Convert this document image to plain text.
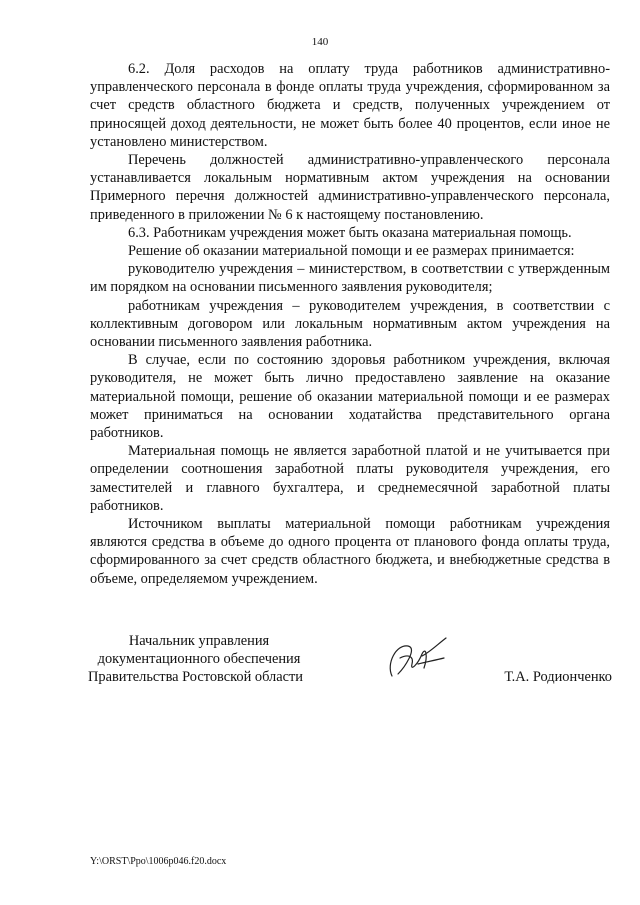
140

6.2. Доля расходов на оплату труда работников административно-управленческого персонала в фонде оплаты труда учреждения, сформированном за счет средств областного бюджета и средств, полученных учреждением от приносящей доход деятельности, не может быть более 40 процентов, если иное не установлено министерством.

Перечень должностей административно-управленческого персонала устанавливается локальным нормативным актом учреждения на основании Примерного перечня должностей административно-управленческого персонала, приведенного в приложении № 6 к настоящему постановлению.

6.3. Работникам учреждения может быть оказана материальная помощь.

Решение об оказании материальной помощи и ее размерах принимается:

руководителю учреждения – министерством, в соответствии с утвержденным им порядком на основании письменного заявления руководителя;

работникам учреждения – руководителем учреждения, в соответствии с коллективным договором или локальным нормативным актом учреждения на основании письменного заявления работника.

В случае, если по состоянию здоровья работником учреждения, включая руководителя, не может быть лично предоставлено заявление на оказание материальной помощи, решение об оказании материальной помощи и ее размерах может приниматься на основании ходатайства представительного органа работников.

Материальная помощь не является заработной платой и не учитывается при определении соотношения заработной платы руководителя учреждения, его заместителей и главного бухгалтера, и среднемесячной заработной платы работников.

Источником выплаты материальной помощи работникам учреждения являются средства в объеме до одного процента от планового фонда оплаты труда, сформированного за счет средств областного бюджета, и внебюджетные средства в объеме, определяемом учреждением.

Начальник управления
документационного обеспечения
Правительства Ростовской области	Т.А. Родионченко
Y:\ORST\Ppo\1006p046.f20.docx
